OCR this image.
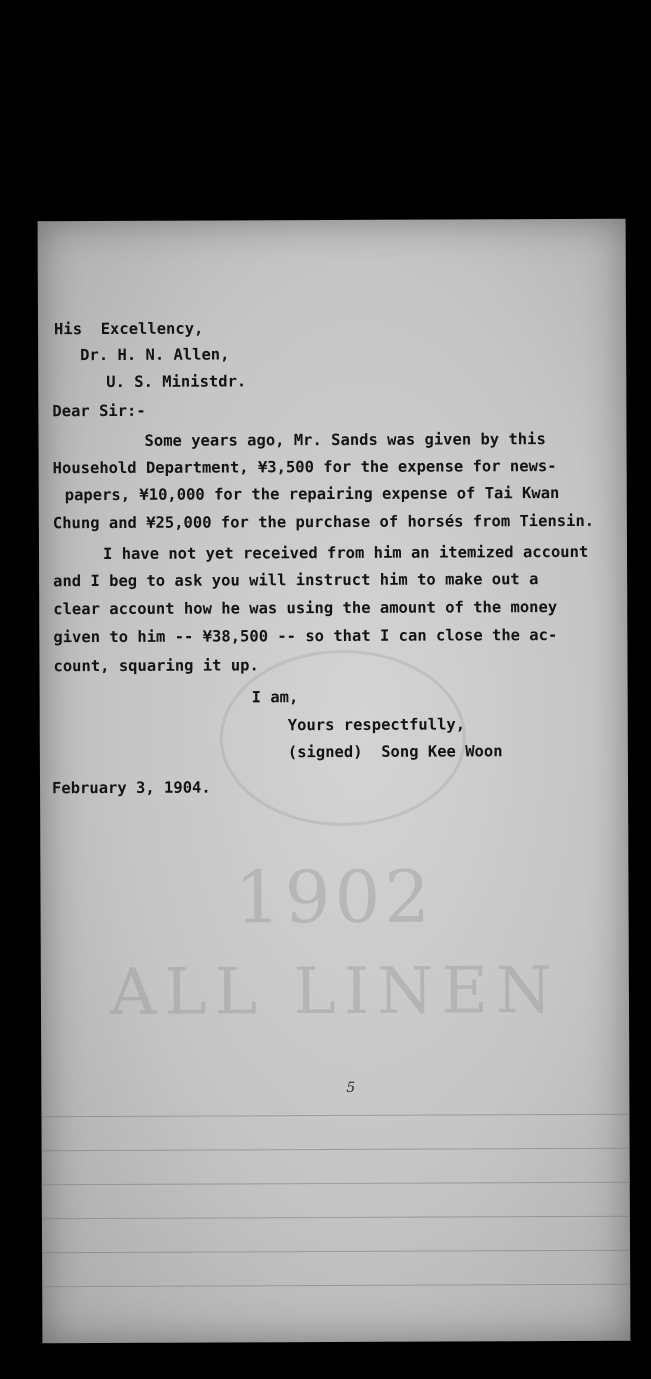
1902
ALL LINEN
His  Excellency,
Dr. H. N. Allen,
U. S. Ministdr.
Dear Sir:-
Some years ago, Mr. Sands was given by this
Household Department, ¥3,500 for the expense for news-
papers, ¥10,000 for the repairing expense of Tai Kwan
Chung and ¥25,000 for the purchase of horsés from Tiensin.
I have not yet received from him an itemized account
and I beg to ask you will instruct him to make out a
clear account how he was using the amount of the money
given to him -- ¥38,500 -- so that I can close the ac-
count, squaring it up.
I am,
Yours respectfully,
(signed)  Song Kee Woon
February 3, 1904.
5
